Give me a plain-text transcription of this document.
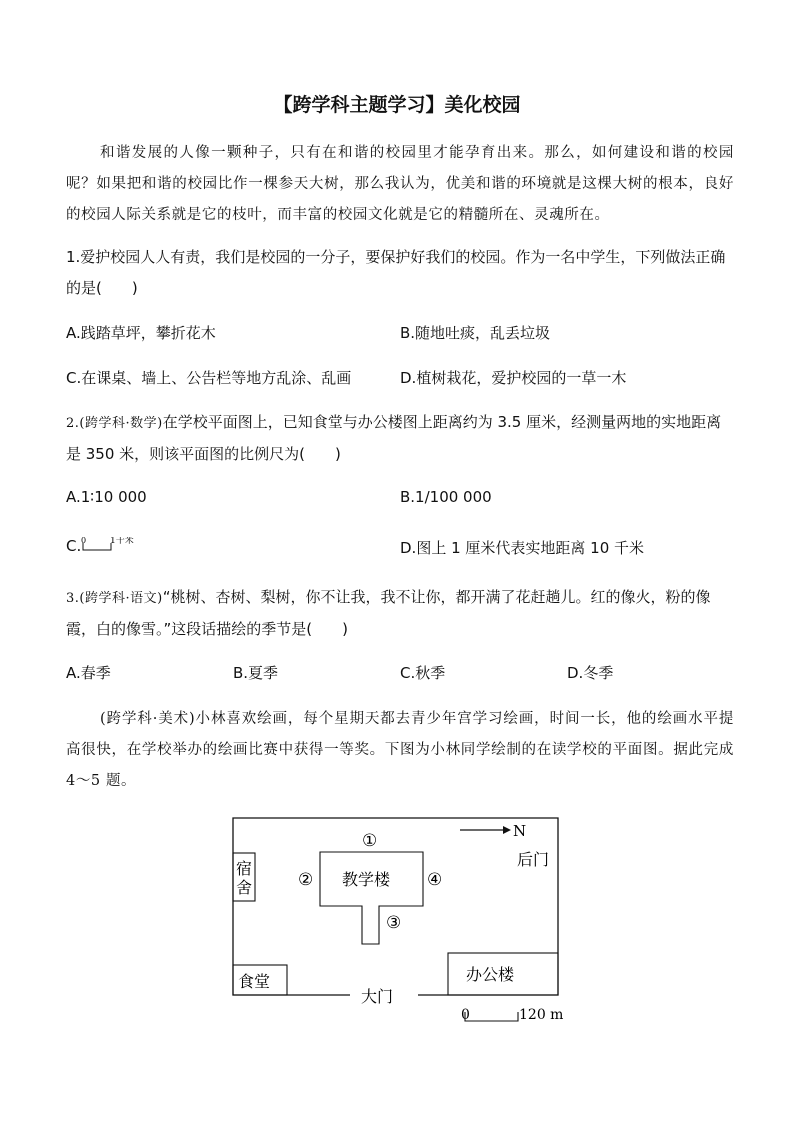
【跨学科主题学习】美化校园
和谐发展的人像一颗种子，只有在和谐的校园里才能孕育出来。那么，如何建设和谐的校园呢？如果把和谐的校园比作一棵参天大树，那么我认为，优美和谐的环境就是这棵大树的根本，良好的校园人际关系就是它的枝叶，而丰富的校园文化就是它的精髓所在、灵魂所在。
1.爱护校园人人有责，我们是校园的一分子，要保护好我们的校园。作为一名中学生，下列做法正确的是(　　)
A.践踏草坪，攀折花木	B.随地吐痰，乱丢垃圾
C.在课桌、墙上、公告栏等地方乱涂、乱画	D.植树栽花，爱护校园的一草一木
2.(跨学科·数学)在学校平面图上，已知食堂与办公楼图上距离约为 3.5 厘米，经测量两地的实地距离是 350 米，则该平面图的比例尺为(　　)
A.1∶10 000	B.1/100 000
C. 0	1千米	D.图上 1 厘米代表实地距离 10 千米
3.(跨学科·语文)“桃树、杏树、梨树，你不让我，我不让你，都开满了花赶趟儿。红的像火，粉的像霞，白的像雪。”这段话描绘的季节是(　　)
A.春季	B.夏季	C.秋季	D.冬季
(跨学科·美术)小林喜欢绘画，每个星期天都去青少年宫学习绘画，时间一长，他的绘画水平提高很快，在学校举办的绘画比赛中获得一等奖。下图为小林同学绘制的在读学校的平面图。据此完成 4～5 题。
N
后门
宿舍
食堂
教学楼
办公楼
大门
①
②
③
④
0	120 m
